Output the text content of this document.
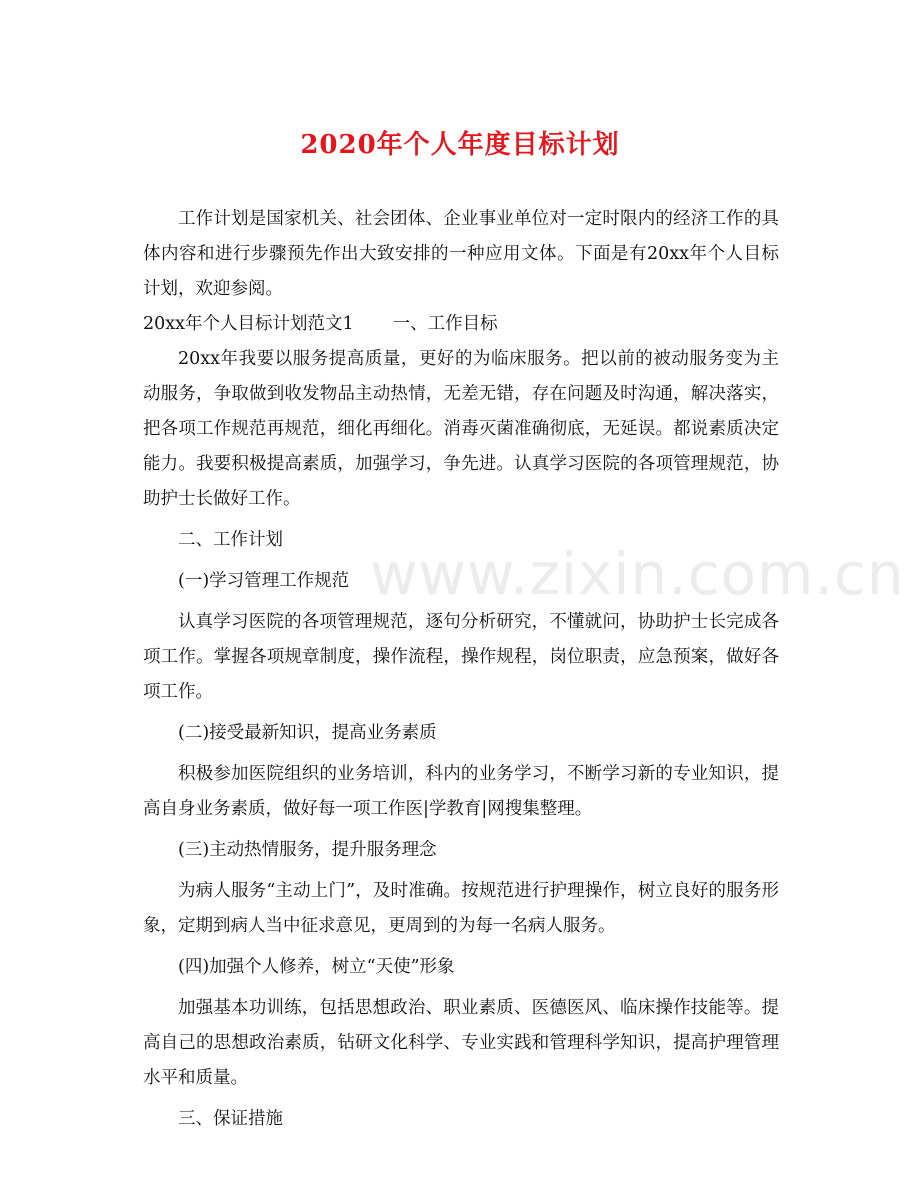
2020年个人年度目标计划
www.zixin.com.cn

工作计划是国家机关、社会团体、企业事业单位对一定时限内的经济工作的具体内容和进行步骤预先作出大致安排的一种应用文体。下面是有20xx年个人目标计划，欢迎参阅。

20xx年个人目标计划范文1       一、工作目标

20xx年我要以服务提高质量，更好的为临床服务。把以前的被动服务变为主动服务，争取做到收发物品主动热情，无差无错，存在问题及时沟通，解决落实，把各项工作规范再规范，细化再细化。消毒灭菌准确彻底，无延误。都说素质决定能力。我要积极提高素质，加强学习，争先进。认真学习医院的各项管理规范，协助护士长做好工作。

二、工作计划

(一)学习管理工作规范

认真学习医院的各项管理规范，逐句分析研究，不懂就问，协助护士长完成各项工作。掌握各项规章制度，操作流程，操作规程，岗位职责，应急预案，做好各项工作。

(二)接受最新知识，提高业务素质

积极参加医院组织的业务培训，科内的业务学习，不断学习新的专业知识，提高自身业务素质，做好每一项工作医|学教育|网搜集整理。

(三)主动热情服务，提升服务理念

为病人服务“主动上门”，及时准确。按规范进行护理操作，树立良好的服务形象，定期到病人当中征求意见，更周到的为每一名病人服务。

(四)加强个人修养，树立“天使”形象

加强基本功训练，包括思想政治、职业素质、医德医风、临床操作技能等。提高自己的思想政治素质，钻研文化科学、专业实践和管理科学知识，提高护理管理水平和质量。

三、保证措施
